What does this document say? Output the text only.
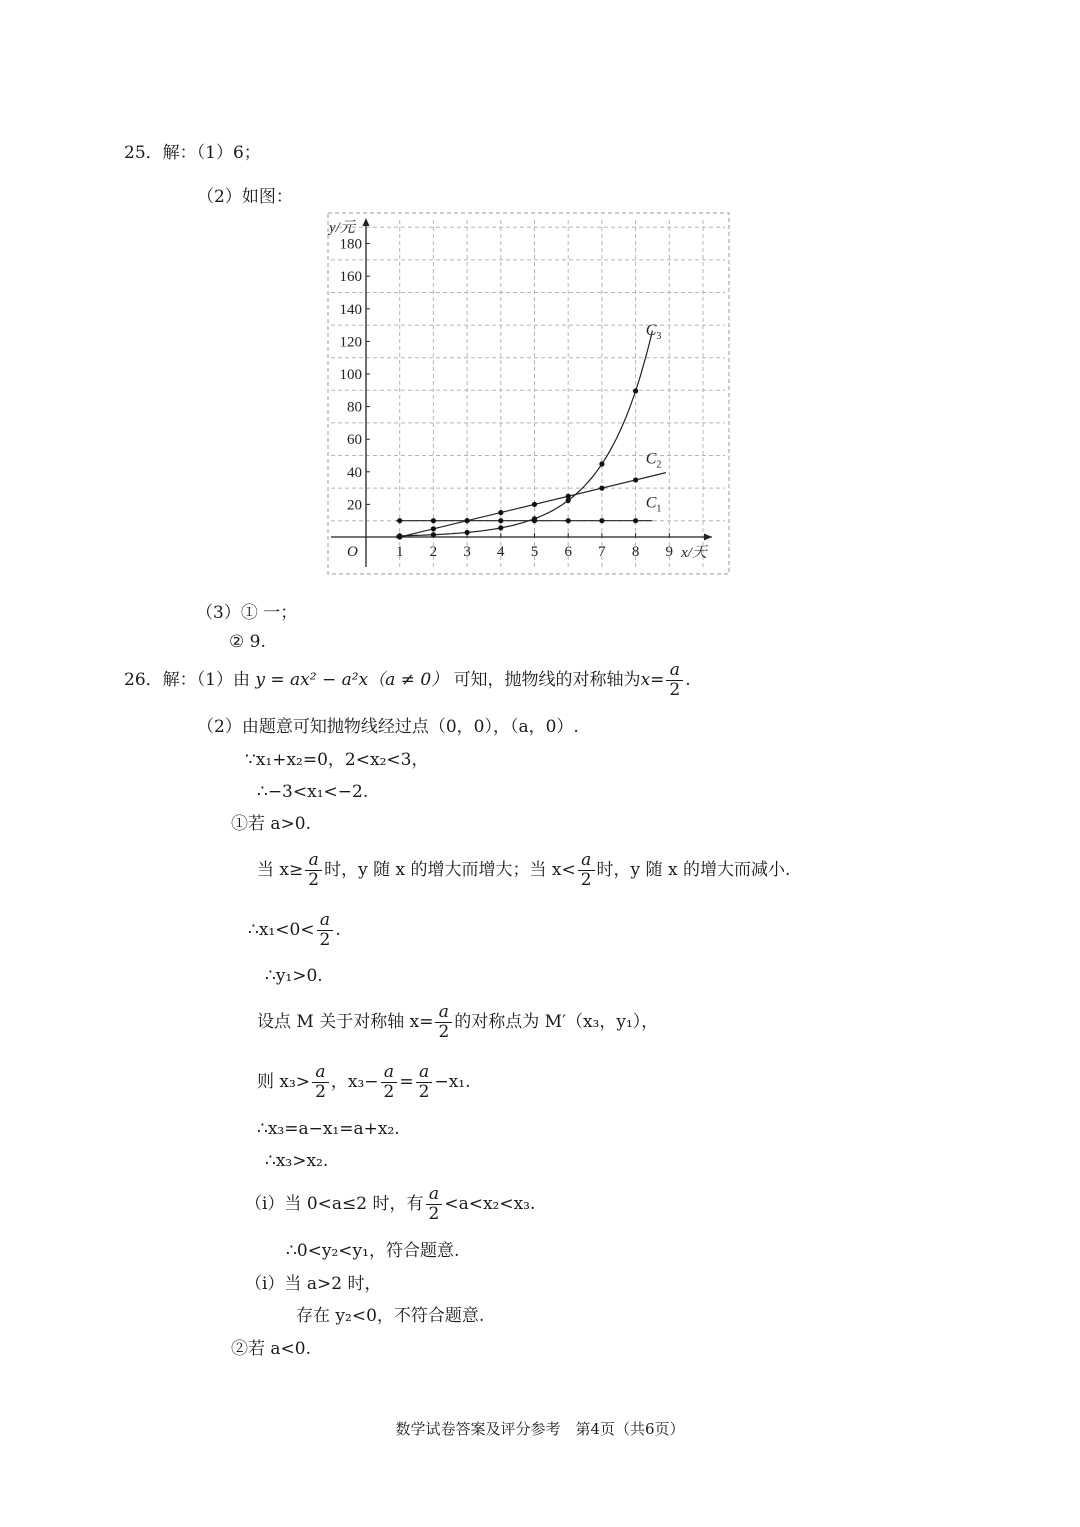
25．解：（1）6；
（2）如图：
1 2 3 4 5 6 7 8 9
20
40
60
80
100
120
140
160
180
O	x/天
y/元
$C_1$
$C_2$
$C_3$
（3）① 一；
② 9.
26．解：（1）由 y = ax² − a²x（a ≠ 0） 可知，抛物线的对称轴为$x= \frac{a}{2}$ .
（2）由题意可知抛物线经过点（0，0），（a，0）.
∵x₁+x₂=0，2<x₂<3，
∴−3<x₁<−2.
①若 a>0.
当 $x\ge \frac{a}{2}$ 时，y 随 x 的增大而增大；当 $x< \frac{a}{2}$ 时，y 随 x 的增大而减小.
∴x₁<0< $\frac{a}{2}$ .
∴y₁>0.
设点 M 关于对称轴 $x= \frac{a}{2}$ 的对称点为 M′（x₃，y₁），
则 $x_3> \frac{a}{2}$ ，$x_3- \frac{a}{2} = \frac{a}{2} -x_1$.
∴x₃=a−x₁=a+x₂.
∴x₃>x₂.
（i）当 0<a≤2 时，有 $\frac{a}{2} <a<x_2<x_3$.
∴0<y₂<y₁，符合题意.
（i）当 a>2 时，
存在 y₂<0，不符合题意.
②若 a<0.
数学试卷答案及评分参考　第4页（共6页）
